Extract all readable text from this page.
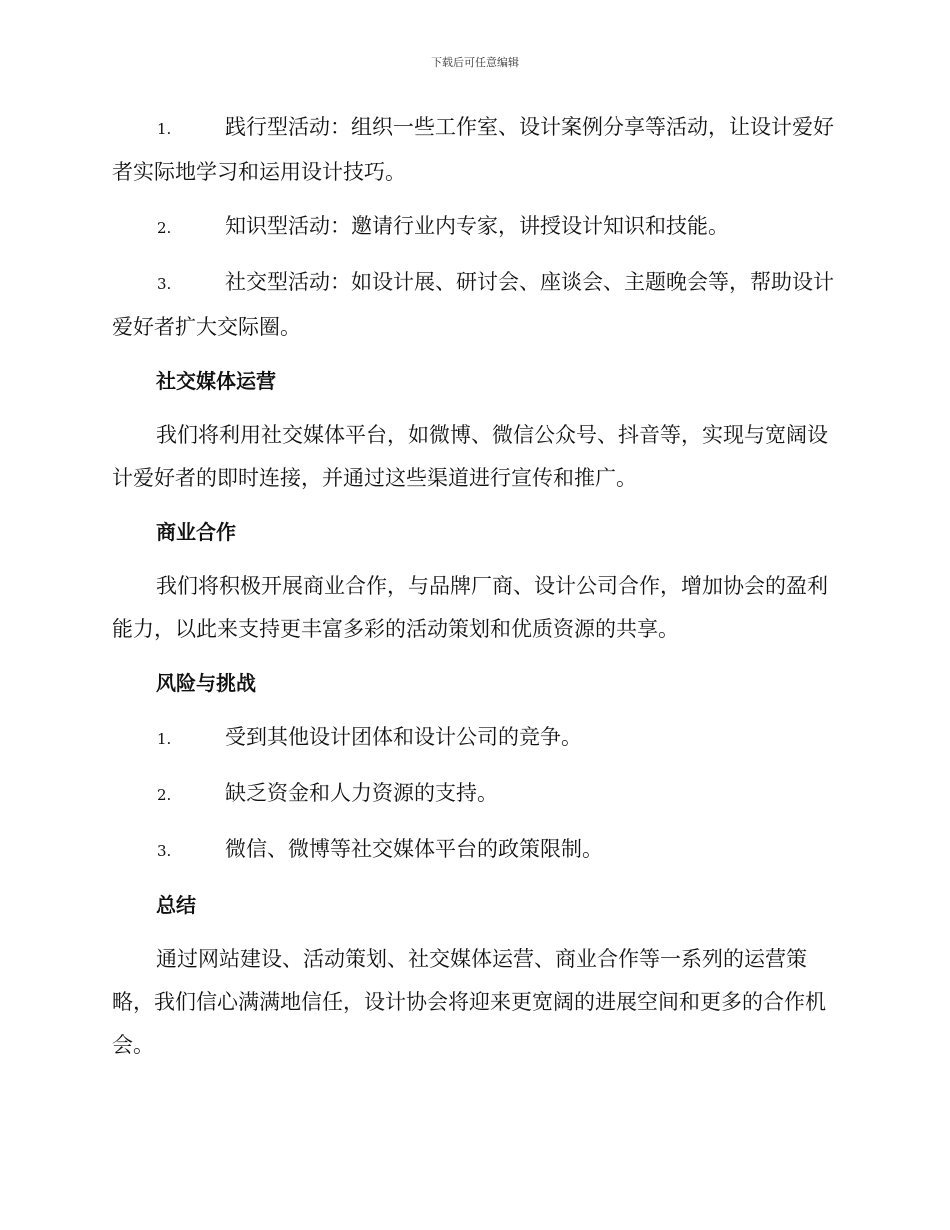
下载后可任意编辑
1.	践行型活动：组织一些工作室、设计案例分享等活动，让设计爱好者实际地学习和运用设计技巧。
2.	知识型活动：邀请行业内专家，讲授设计知识和技能。
3.	社交型活动：如设计展、研讨会、座谈会、主题晚会等，帮助设计爱好者扩大交际圈。
社交媒体运营
我们将利用社交媒体平台，如微博、微信公众号、抖音等，实现与宽阔设计爱好者的即时连接，并通过这些渠道进行宣传和推广。
商业合作
我们将积极开展商业合作，与品牌厂商、设计公司合作，增加协会的盈利能力，以此来支持更丰富多彩的活动策划和优质资源的共享。
风险与挑战
1.	受到其他设计团体和设计公司的竞争。
2.	缺乏资金和人力资源的支持。
3.	微信、微博等社交媒体平台的政策限制。
总结
通过网站建设、活动策划、社交媒体运营、商业合作等一系列的运营策略，我们信心满满地信任，设计协会将迎来更宽阔的进展空间和更多的合作机会。
